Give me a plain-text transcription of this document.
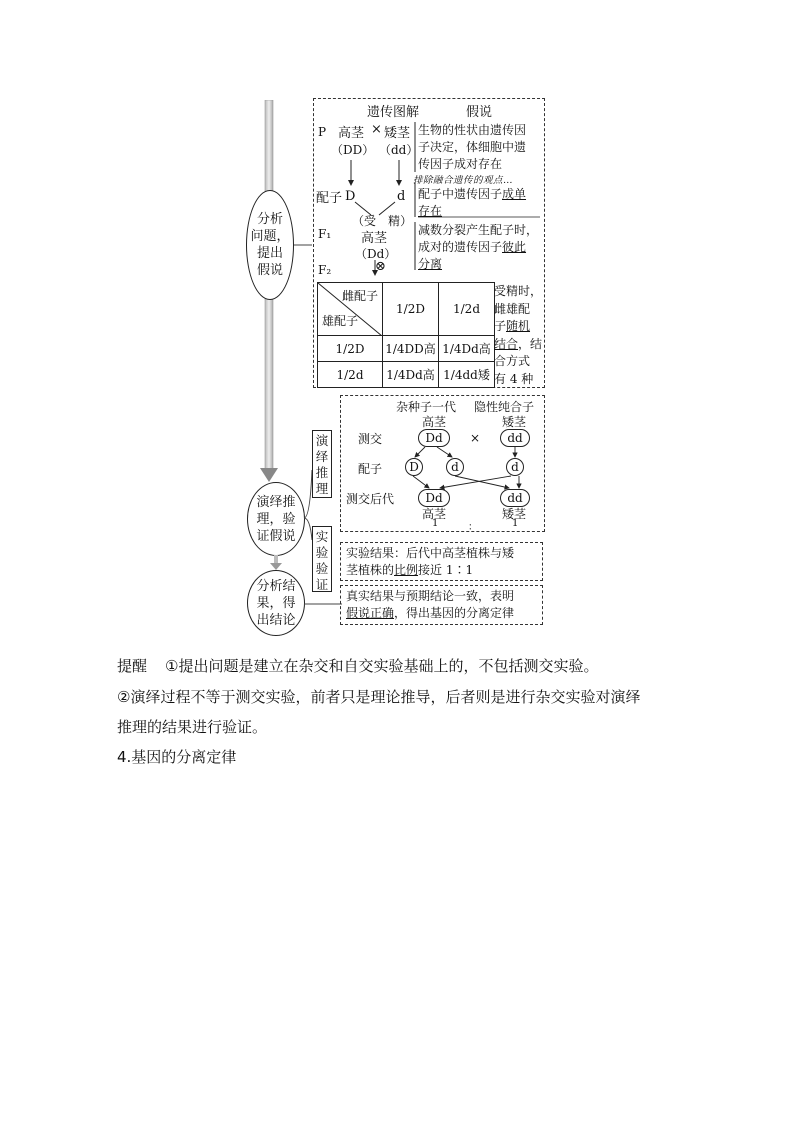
分析
问题，
提出
假说
演绎推
理，验
证假说
分析结
果，得
出结论
遗传图解	假说
P 高茎 × 矮茎
（DD） （dd）
配子 D	d
（受　 精）
F₁ 高茎
（Dd）
⊗
F₂
生物的性状由遗传因
子决定，体细胞中遗
传因子成对存在
排除融合遗传的观点…
配子中遗传因子成单
存在
减数分裂产生配子时，
成对的遗传因子彼此
分离
雌配子
雄配子	1/2D	1/2d
1/2D	1/4DD高	1/4Dd高
1/2d	1/4Dd高	1/4dd矮
受精时，
雌雄配
子随机
结合，结
合方式
有 4 种
演
绎
推
理
实
验
验
证
杂种子一代 隐性纯合子
高茎	矮茎
测交
配子
测交后代
Dd	×	dd
D	d	d
Dd	dd
高茎	矮茎
1	：	1
实验结果：后代中高茎植株与矮
茎植株的比例接近 1∶1
真实结果与预期结论一致，表明
假说正确，得出基因的分离定律
提醒 ①提出问题是建立在杂交和自交实验基础上的，不包括测交实验。
②演绎过程不等于测交实验，前者只是理论推导，后者则是进行杂交实验对演绎
推理的结果进行验证。
4.基因的分离定律
